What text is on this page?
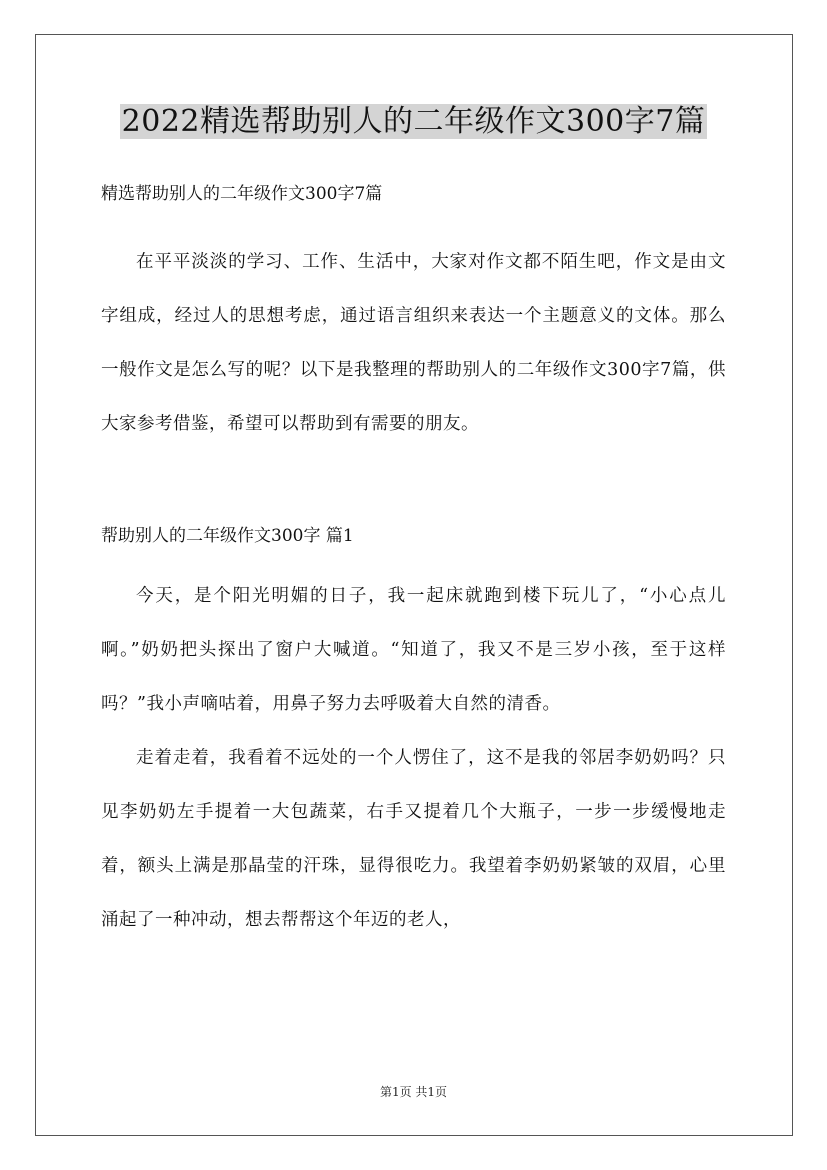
2022精选帮助别人的二年级作文300字7篇

精选帮助别人的二年级作文300字7篇

在平平淡淡的学习、工作、生活中，大家对作文都不陌生吧，作文是由文字组成，经过人的思想考虑，通过语言组织来表达一个主题意义的文体。那么一般作文是怎么写的呢？以下是我整理的帮助别人的二年级作文300字7篇，供大家参考借鉴，希望可以帮助到有需要的朋友。

帮助别人的二年级作文300字 篇1

今天，是个阳光明媚的日子，我一起床就跑到楼下玩儿了，“小心点儿啊。”奶奶把头探出了窗户大喊道。“知道了，我又不是三岁小孩，至于这样吗？”我小声嘀咕着，用鼻子努力去呼吸着大自然的清香。

走着走着，我看着不远处的一个人愣住了，这不是我的邻居李奶奶吗？只见李奶奶左手提着一大包蔬菜，右手又提着几个大瓶子，一步一步缓慢地走着，额头上满是那晶莹的汗珠，显得很吃力。我望着李奶奶紧皱的双眉，心里涌起了一种冲动，想去帮帮这个年迈的老人，

第1页 共1页
